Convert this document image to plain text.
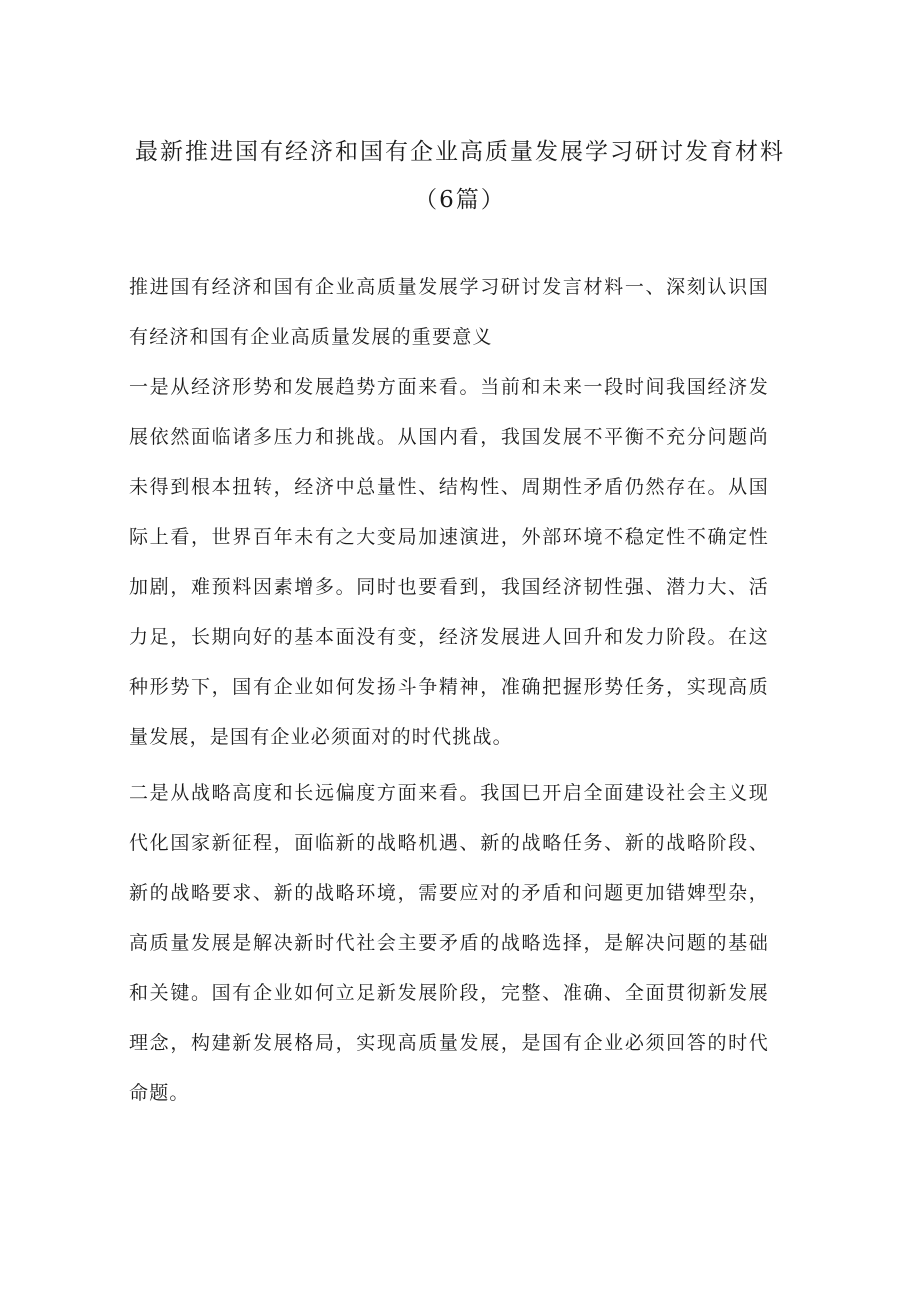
最新推进国有经济和国有企业高质量发展学习研讨发育材料（6篇）

推进国有经济和国有企业高质量发展学习研讨发言材料一、深刻认识国有经济和国有企业高质量发展的重要意义

一是从经济形势和发展趋势方面来看。当前和未来一段时间我国经济发展依然面临诸多压力和挑战。从国内看，我国发展不平衡不充分问题尚未得到根本扭转，经济中总量性、结构性、周期性矛盾仍然存在。从国际上看，世界百年未有之大变局加速演进，外部环境不稳定性不确定性加剧，难预料因素增多。同时也要看到，我国经济韧性强、潜力大、活力足，长期向好的基本面没有变，经济发展进人回升和发力阶段。在这种形势下，国有企业如何发扬斗争精神，准确把握形势任务，实现高质量发展，是国有企业必须面对的时代挑战。

二是从战略高度和长远偏度方面来看。我国巳开启全面建设社会主义现代化国家新征程，面临新的战略机遇、新的战略任务、新的战略阶段、新的战略要求、新的战略环境，需要应对的矛盾和问题更加错婢型杂，高质量发展是解决新时代社会主要矛盾的战略选择，是解决问题的基础和关键。国有企业如何立足新发展阶段，完整、准确、全面贯彻新发展理念，构建新发展格局，实现高质量发展，是国有企业必须回答的时代命题。
